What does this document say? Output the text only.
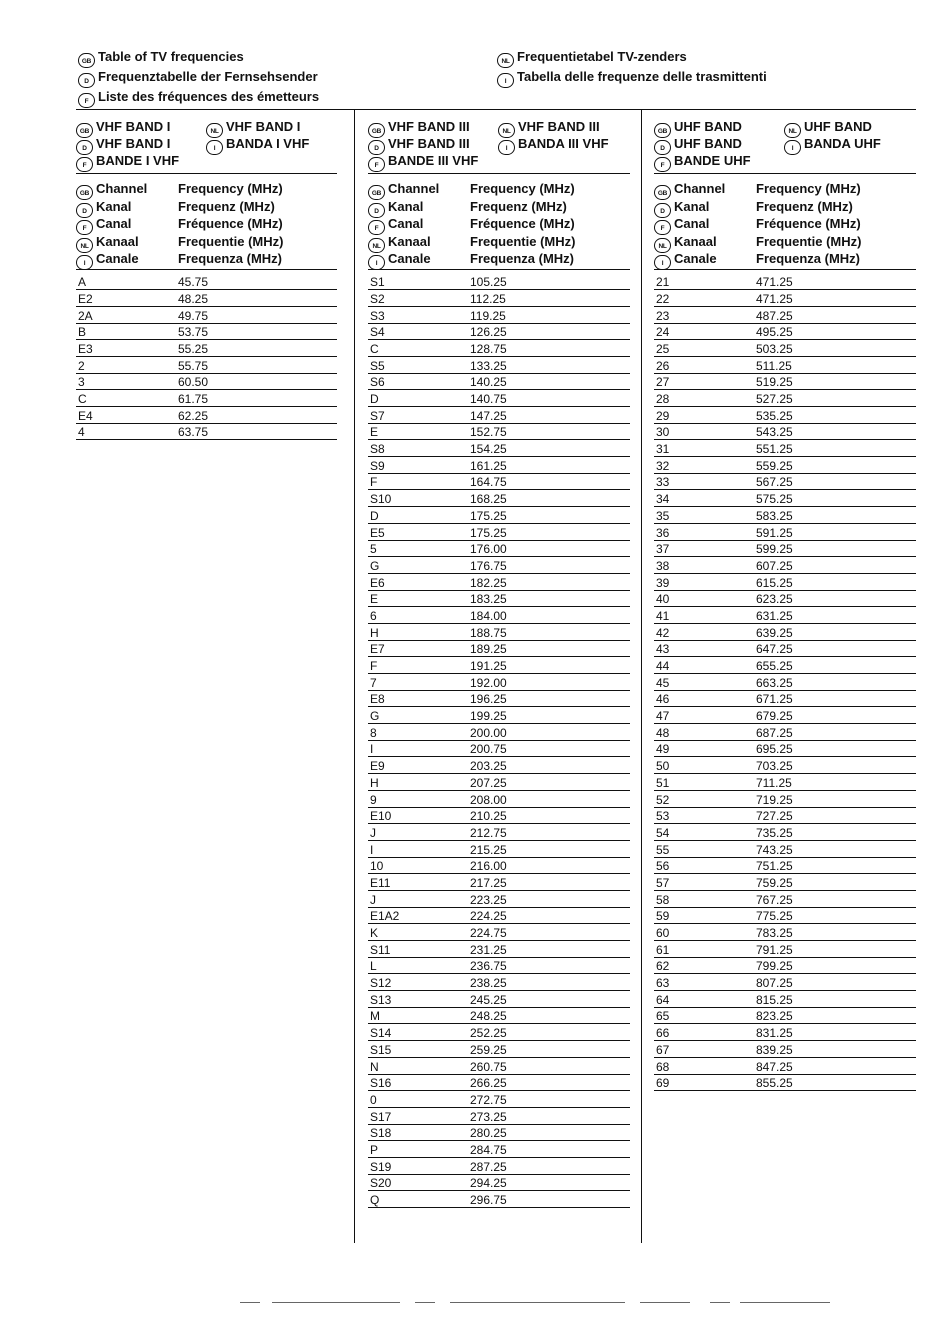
GB Table of TV frequencies
D Frequenztabelle der Fernsehsender
F Liste des fréquences des émetteurs
NL Frequentietabel TV-zenders
I Tabella delle frequenze delle trasmittenti
GB VHF BAND I	NL VHF BAND I
D VHF BAND I	I BANDA I VHF
F BANDE I VHF
GB Channel Frequency (MHz)
D Kanal	Frequenz (MHz)
F Canal	Fréquence (MHz)
NL Kanaal	Frequentie (MHz)
I Canale	Frequenza (MHz)
A	45.75
E2	48.25
2A	49.75
B	53.75
E3	55.25
2	55.75
3	60.50
C	61.75
E4	62.25
4	63.75
GB VHF BAND III	NL VHF BAND III
D VHF BAND III	I BANDA III VHF
F BANDE III VHF
GB Channel Frequency (MHz)
D Kanal	Frequenz (MHz)
F Canal	Fréquence (MHz)
NL Kanaal	Frequentie (MHz)
I Canale	Frequenza (MHz)
S1	105.25
S2	112.25
S3	119.25
S4	126.25
C	128.75
S5	133.25
S6	140.25
D	140.75
S7	147.25
E	152.75
S8	154.25
S9	161.25
F	164.75
S10	168.25
D	175.25
E5	175.25
5	176.00
G	176.75
E6	182.25
E	183.25
6	184.00
H	188.75
E7	189.25
F	191.25
7	192.00
E8	196.25
G	199.25
8	200.00
I	200.75
E9	203.25
H	207.25
9	208.00
E10	210.25
J	212.75
I	215.25
10	216.00
E11	217.25
J	223.25
E1A2	224.25
K	224.75
S11	231.25
L	236.75
S12	238.25
S13	245.25
M	248.25
S14	252.25
S15	259.25
N	260.75
S16	266.25
0	272.75
S17	273.25
S18	280.25
P	284.75
S19	287.25
S20	294.25
Q	296.75
GB UHF BAND	NL UHF BAND
D UHF BAND	I BANDA UHF
F BANDE UHF
GB Channel Frequency (MHz)
D Kanal	Frequenz (MHz)
F Canal	Fréquence (MHz)
NL Kanaal	Frequentie (MHz)
I Canale	Frequenza (MHz)
21	471.25
22	471.25
23	487.25
24	495.25
25	503.25
26	511.25
27	519.25
28	527.25
29	535.25
30	543.25
31	551.25
32	559.25
33	567.25
34	575.25
35	583.25
36	591.25
37	599.25
38	607.25
39	615.25
40	623.25
41	631.25
42	639.25
43	647.25
44	655.25
45	663.25
46	671.25
47	679.25
48	687.25
49	695.25
50	703.25
51	711.25
52	719.25
53	727.25
54	735.25
55	743.25
56	751.25
57	759.25
58	767.25
59	775.25
60	783.25
61	791.25
62	799.25
63	807.25
64	815.25
65	823.25
66	831.25
67	839.25
68	847.25
69	855.25
